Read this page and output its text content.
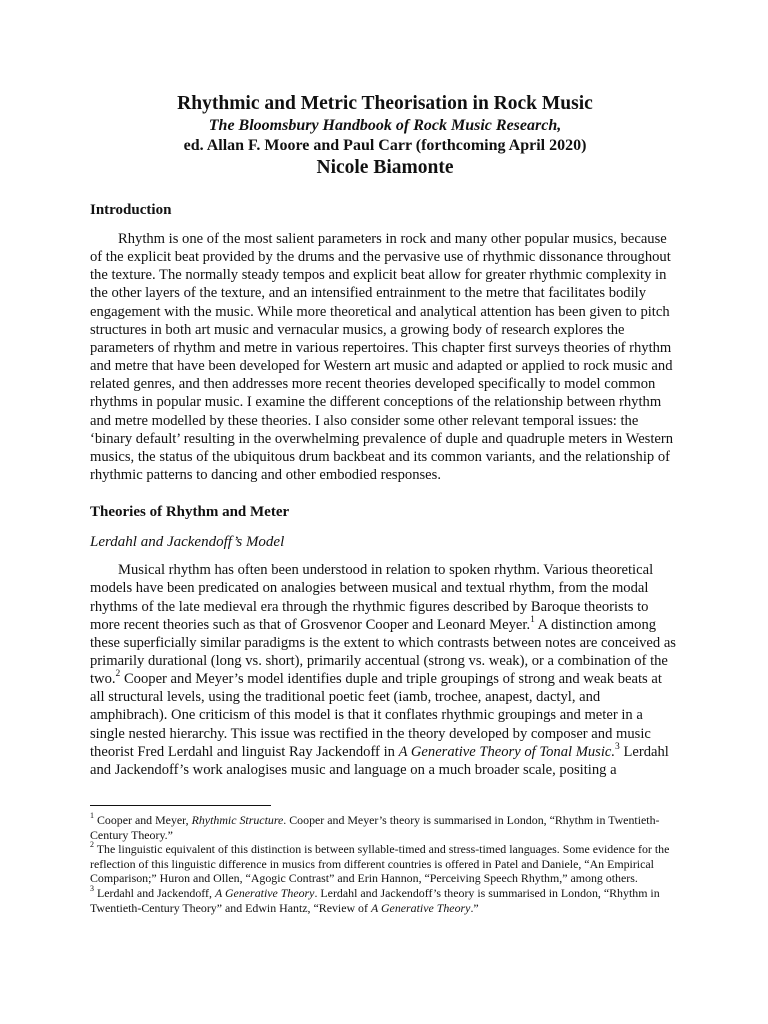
Rhythmic and Metric Theorisation in Rock Music
The Bloomsbury Handbook of Rock Music Research,
ed. Allan F. Moore and Paul Carr (forthcoming April 2020)
Nicole Biamonte
Introduction

Rhythm is one of the most salient parameters in rock and many other popular musics, because of the explicit beat provided by the drums and the pervasive use of rhythmic dissonance throughout the texture. The normally steady tempos and explicit beat allow for greater rhythmic complexity in the other layers of the texture, and an intensified entrainment to the metre that facilitates bodily engagement with the music. While more theoretical and analytical attention has been given to pitch structures in both art music and vernacular musics, a growing body of research explores the parameters of rhythm and metre in various repertoires. This chapter first surveys theories of rhythm and metre that have been developed for Western art music and adapted or applied to rock music and related genres, and then addresses more recent theories developed specifically to model common rhythms in popular music. I examine the different conceptions of the relationship between rhythm and metre modelled by these theories. I also consider some other relevant temporal issues: the ‘binary default’ resulting in the overwhelming prevalence of duple and quadruple meters in Western musics, the status of the ubiquitous drum backbeat and its common variants, and the relationship of rhythmic patterns to dancing and other embodied responses.

Theories of Rhythm and Meter
Lerdahl and Jackendoff’s Model

Musical rhythm has often been understood in relation to spoken rhythm. Various theoretical models have been predicated on analogies between musical and textual rhythm, from the modal rhythms of the late medieval era through the rhythmic figures described by Baroque theorists to more recent theories such as that of Grosvenor Cooper and Leonard Meyer.$^1$ A distinction among these superficially similar paradigms is the extent to which contrasts between notes are conceived as primarily durational (long vs. short), primarily accentual (strong vs. weak), or a combination of the two.$^2$ Cooper and Meyer’s model identifies duple and triple groupings of strong and weak beats at all structural levels, using the traditional poetic feet (iamb, trochee, anapest, dactyl, and amphibrach). One criticism of this model is that it conflates rhythmic groupings and meter in a single nested hierarchy. This issue was rectified in the theory developed by composer and music theorist Fred Lerdahl and linguist Ray Jackendoff in A Generative Theory of Tonal Music.$^3$ Lerdahl and Jackendoff’s work analogises music and language on a much broader scale, positing a

$^1$ Cooper and Meyer, Rhythmic Structure. Cooper and Meyer’s theory is summarised in London, “Rhythm in Twentieth-Century Theory.”

$^2$ The linguistic equivalent of this distinction is between syllable-timed and stress-timed languages. Some evidence for the reflection of this linguistic difference in musics from different countries is offered in Patel and Daniele, “An Empirical Comparison;” Huron and Ollen, “Agogic Contrast” and Erin Hannon, “Perceiving Speech Rhythm,” among others.

$^3$ Lerdahl and Jackendoff, A Generative Theory. Lerdahl and Jackendoff’s theory is summarised in London, “Rhythm in Twentieth-Century Theory” and Edwin Hantz, “Review of A Generative Theory.”
